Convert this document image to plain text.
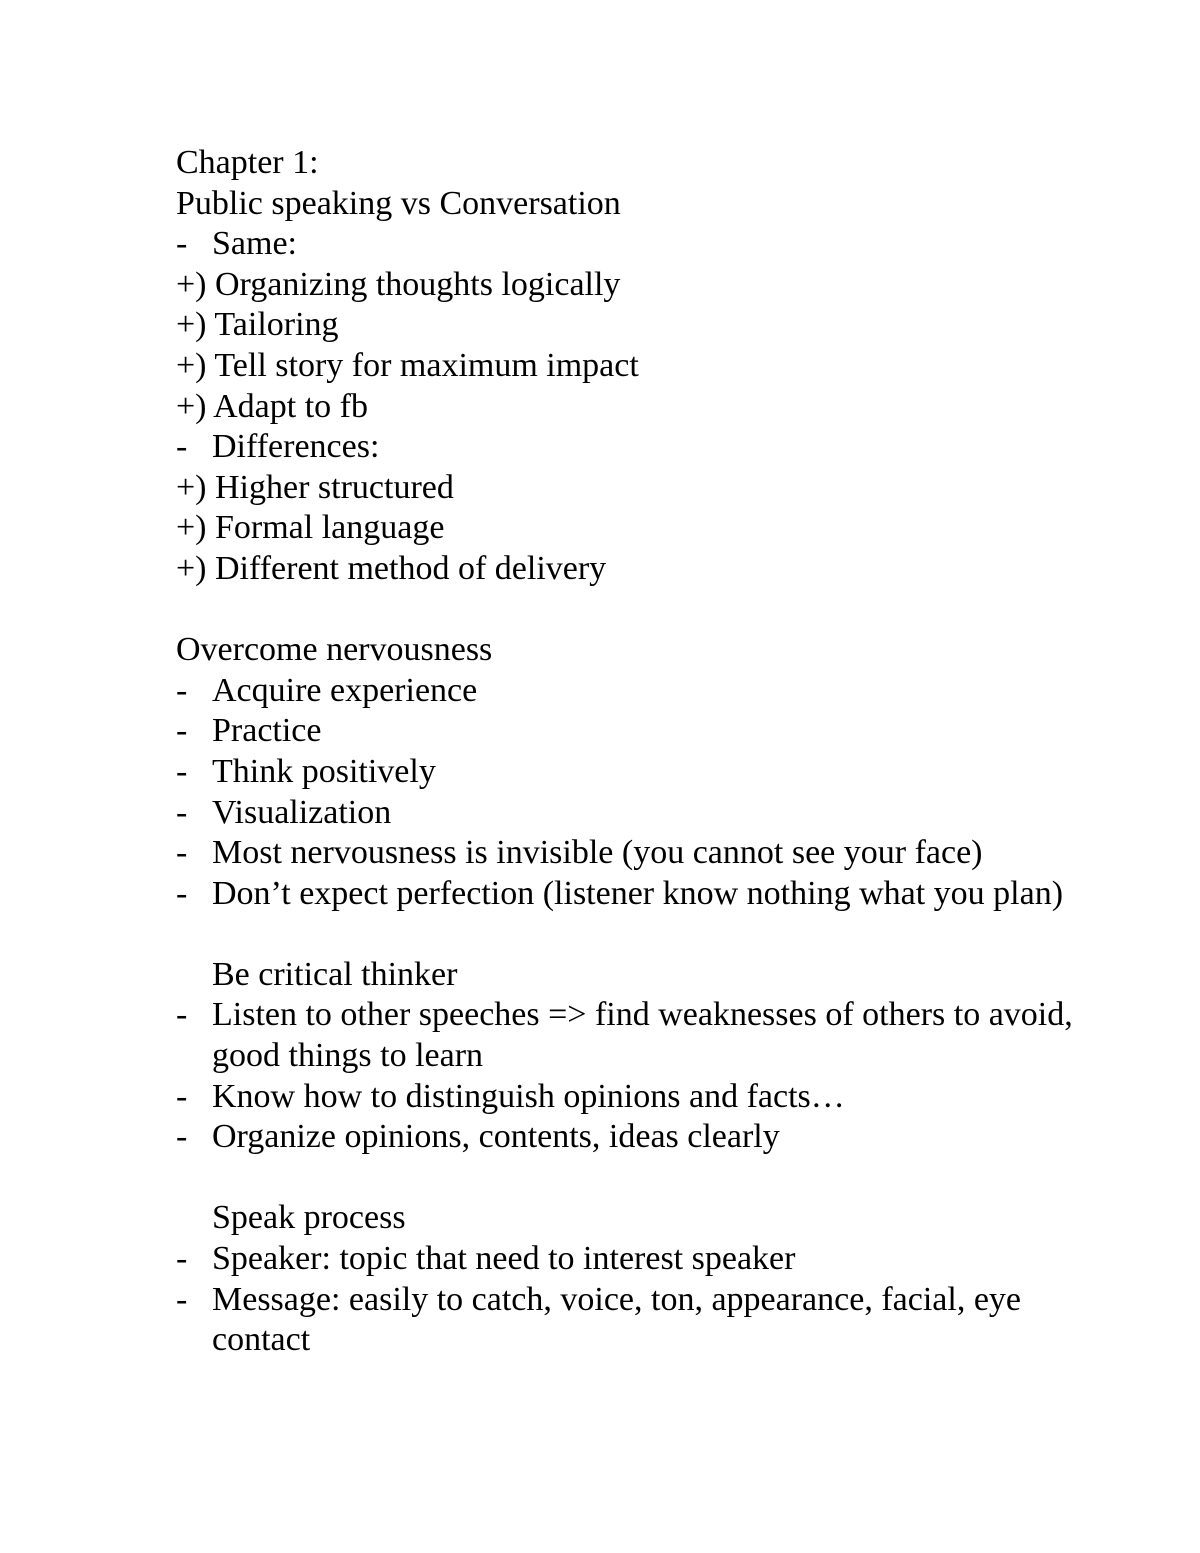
Chapter 1:
Public speaking vs Conversation
- Same:
+) Organizing thoughts logically
+) Tailoring
+) Tell story for maximum impact
+) Adapt to fb
- Differences:
+) Higher structured
+) Formal language
+) Different method of delivery
Overcome nervousness
- Acquire experience
- Practice
- Think positively
- Visualization
- Most nervousness is invisible (you cannot see your face)
- Don’t expect perfection (listener know nothing what you plan)
Be critical thinker
- Listen to other speeches => find weaknesses of others to avoid, good things to learn
- Know how to distinguish opinions and facts…
- Organize opinions, contents, ideas clearly
Speak process
- Speaker: topic that need to interest speaker
- Message: easily to catch, voice, ton, appearance, facial, eye contact
